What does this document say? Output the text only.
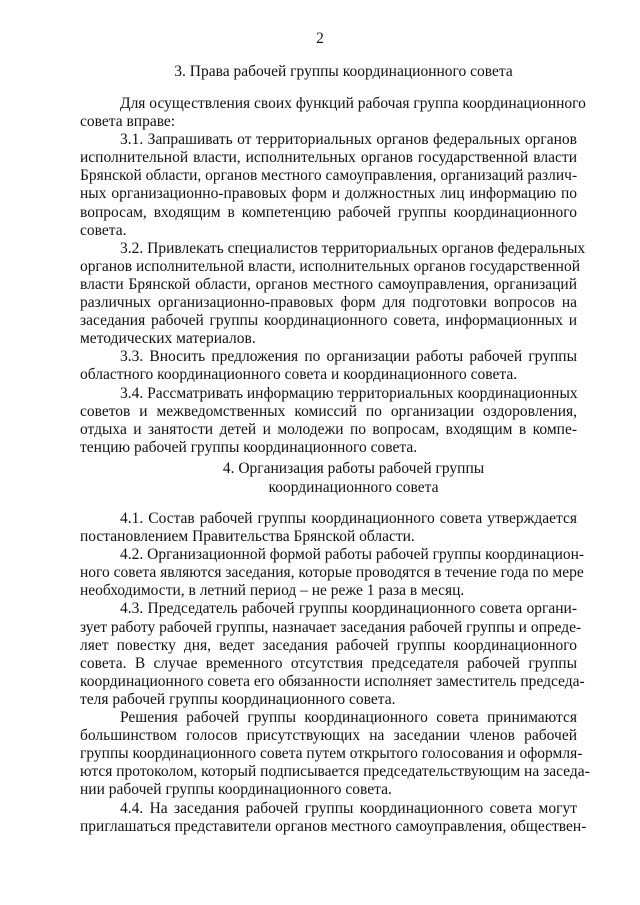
2
3. Права рабочей группы координационного совета
Для осуществления своих функций рабочая группа координационного
совета вправе:
3.1. Запрашивать от территориальных органов федеральных органов
исполнительной власти, исполнительных органов государственной власти
Брянской области, органов местного самоуправления, организаций различ-
ных организационно-правовых форм и должностных лиц информацию по
вопросам, входящим в компетенцию рабочей группы координационного
совета.
3.2. Привлекать специалистов территориальных органов федеральных
органов исполнительной власти, исполнительных органов государственной
власти Брянской области, органов местного самоуправления, организаций
различных организационно-правовых форм для подготовки вопросов на
заседания рабочей группы координационного совета, информационных и
методических материалов.
3.3. Вносить предложения по организации работы рабочей группы
областного координационного совета и координационного совета.
3.4. Рассматривать информацию территориальных координационных
советов и межведомственных комиссий по организации оздоровления,
отдыха и занятости детей и молодежи по вопросам, входящим в компе-
тенцию рабочей группы координационного совета.
4. Организация работы рабочей группы
координационного совета
4.1. Состав рабочей группы координационного совета утверждается
постановлением Правительства Брянской области.
4.2. Организационной формой работы рабочей группы координацион-
ного совета являются заседания, которые проводятся в течение года по мере
необходимости, в летний период – не реже 1 раза в месяц.
4.3. Председатель рабочей группы координационного совета органи-
зует работу рабочей группы, назначает заседания рабочей группы и опреде-
ляет повестку дня, ведет заседания рабочей группы координационного
совета. В случае временного отсутствия председателя рабочей группы
координационного совета его обязанности исполняет заместитель председа-
теля рабочей группы координационного совета.
Решения рабочей группы координационного совета принимаются
большинством голосов присутствующих на заседании членов рабочей
группы координационного совета путем открытого голосования и оформля-
ются протоколом, который подписывается председательствующим на заседа-
нии рабочей группы координационного совета.
4.4. На заседания рабочей группы координационного совета могут
приглашаться представители органов местного самоуправления, обществен-
